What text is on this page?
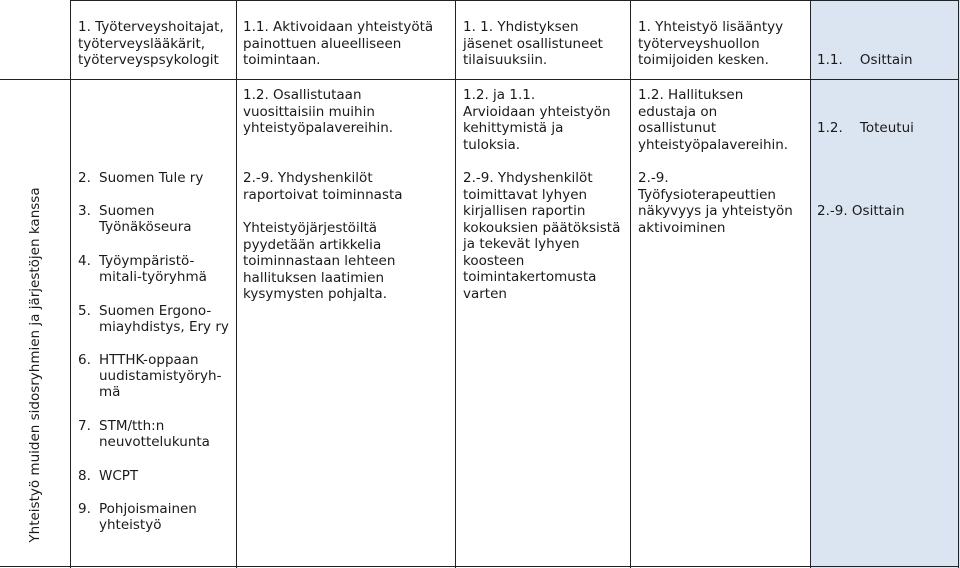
Yhteistyö muiden sidosryhmien ja järjestöjen kanssa

1. Työterveyshoitajat,

työterveyslääkärit,

työterveyspsykologit

1.1. Aktivoidaan yhteistyötä

painottuen alueelliseen

toimintaan.

1. 1. Yhdistyksen

jäsenet osallistuneet

tilaisuuksiin.

1. Yhteistyö lisääntyy

työterveyshuollon

toimijoiden kesken.

	1.1.    Osittain

2. Suomen Tule ry
3. Suomen
Työnäköseura
4. Työympäristö-
mitali-työryhmä
5. Suomen Ergono-
miayhdistys, Ery ry
6. HTTHK-oppaan
uudistamistyöryh-
mä
7. STM/tth:n
neuvottelukunta
8. WCPT
9. Pohjoismainen
yhteistyö

1.2. Osallistutaan

vuosittaisiin muihin

yhteistyöpalavereihin.

2.-9. Yhdyshenkilöt

raportoivat toiminnasta

Yhteistyöjärjestöiltä

pyydetään artikkelia

toiminnastaan lehteen

hallituksen laatimien

kysymysten pohjalta.

1.2. ja 1.1.

Arvioidaan yhteistyön

kehittymistä ja

tuloksia.

2.-9. Yhdyshenkilöt

toimittavat lyhyen

kirjallisen raportin

kokouksien päätöksistä

ja tekevät lyhyen

koosteen

toimintakertomusta

varten

1.2. Hallituksen

edustaja on

osallistunut

yhteistyöpalavereihin.

2.-9.

Työfysioterapeuttien

näkyvyys ja yhteistyön

aktivoiminen

1.2.    Toteutui

2.-9. Osittain
